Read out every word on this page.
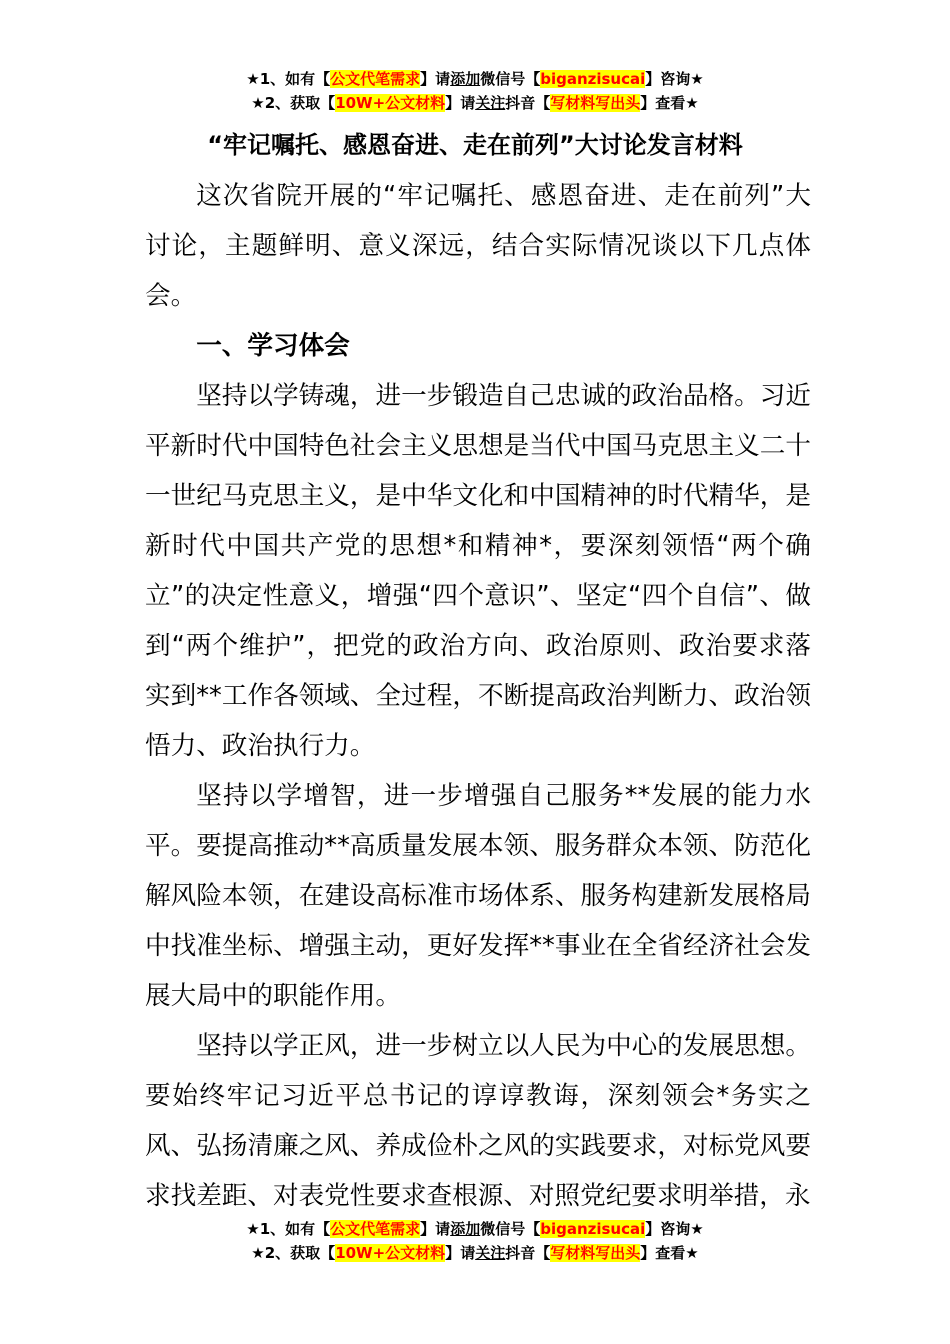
★1、如有【公文代笔需求】请添加微信号【biganzisucai】咨询★
★2、获取【10W+公文材料】请关注抖音【写材料写出头】查看★
“牢记嘱托、感恩奋进、走在前列”大讨论发言材料

这次省院开展的“牢记嘱托、感恩奋进、走在前列”大讨论，主题鲜明、意义深远，结合实际情况谈以下几点体会。

一、学习体会

坚持以学铸魂，进一步锻造自己忠诚的政治品格。习近平新时代中国特色社会主义思想是当代中国马克思主义二十一世纪马克思主义，是中华文化和中国精神的时代精华，是新时代中国共产党的思想*和精神*，要深刻领悟“两个确立”的决定性意义，增强“四个意识”、坚定“四个自信”、做到“两个维护”，把党的政治方向、政治原则、政治要求落实到**工作各领域、全过程，不断提高政治判断力、政治领悟力、政治执行力。

坚持以学增智，进一步增强自己服务**发展的能力水平。要提高推动**高质量发展本领、服务群众本领、防范化解风险本领，在建设高标准市场体系、服务构建新发展格局中找准坐标、增强主动，更好发挥**事业在全省经济社会发展大局中的职能作用。

坚持以学正风，进一步树立以人民为中心的发展思想。要始终牢记习近平总书记的谆谆教诲，深刻领会*务实之风、弘扬清廉之风、养成俭朴之风的实践要求，对标党风要求找差距、对表党性要求查根源、对照党纪要求明举措，永

★1、如有【公文代笔需求】请添加微信号【biganzisucai】咨询★
★2、获取【10W+公文材料】请关注抖音【写材料写出头】查看★
